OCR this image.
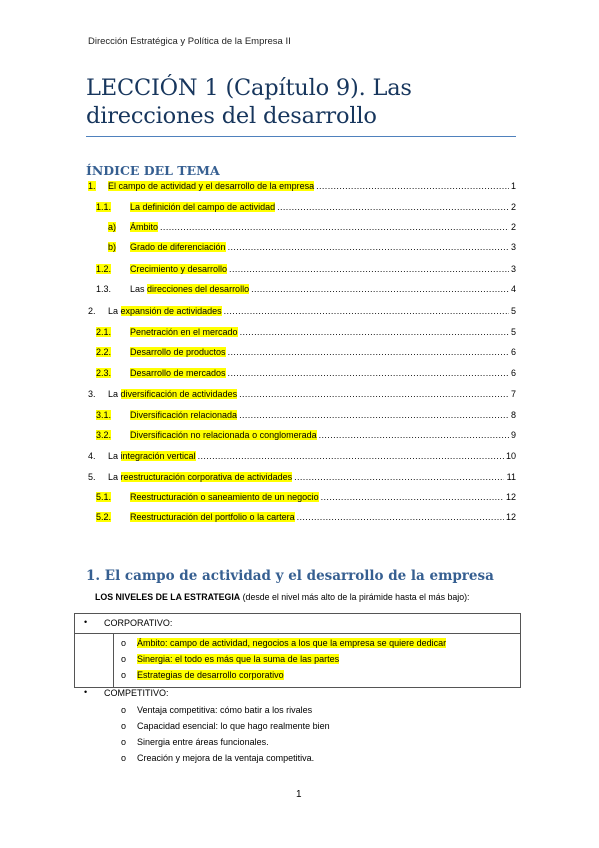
Dirección Estratégica y Política de la Empresa II
LECCIÓN 1 (Capítulo 9). Las
direcciones del desarrollo
ÍNDICE DEL TEMA
1. El campo de actividad y el desarrollo de la empresa .....	1
1.1. La definición del campo de actividad .....	2
a) Ámbito .....	2
b) Grado de diferenciación .....	3
1.2. Crecimiento y desarrollo .....	3
1.3. Las direcciones del desarrollo .....	4
2. La expansión de actividades .....	5
2.1. Penetración en el mercado .....	5
2.2. Desarrollo de productos .....	6
2.3. Desarrollo de mercados .....	6
3. La diversificación de actividades .....	7
3.1. Diversificación relacionada .....	8
3.2. Diversificación no relacionada o conglomerada .....	9
4. La integración vertical .....	10
5. La reestructuración corporativa de actividades .....	11
5.1. Reestructuración o saneamiento de un negocio .....	12
5.2. Reestructuración del portfolio o la cartera .....	12
1. El campo de actividad y el desarrollo de la empresa
LOS NIVELES DE LA ESTRATEGIA (desde el nivel más alto de la pirámide hasta el más bajo):
• CORPORATIVO:
o Ámbito: campo de actividad, negocios a los que la empresa se quiere dedicar
o Sinergia: el todo es más que la suma de las partes
o Estrategias de desarrollo corporativo
• COMPETITIVO:
o Ventaja competitiva: cómo batir a los rivales
o Capacidad esencial: lo que hago realmente bien
o Sinergia entre áreas funcionales.
o Creación y mejora de la ventaja competitiva.
1
